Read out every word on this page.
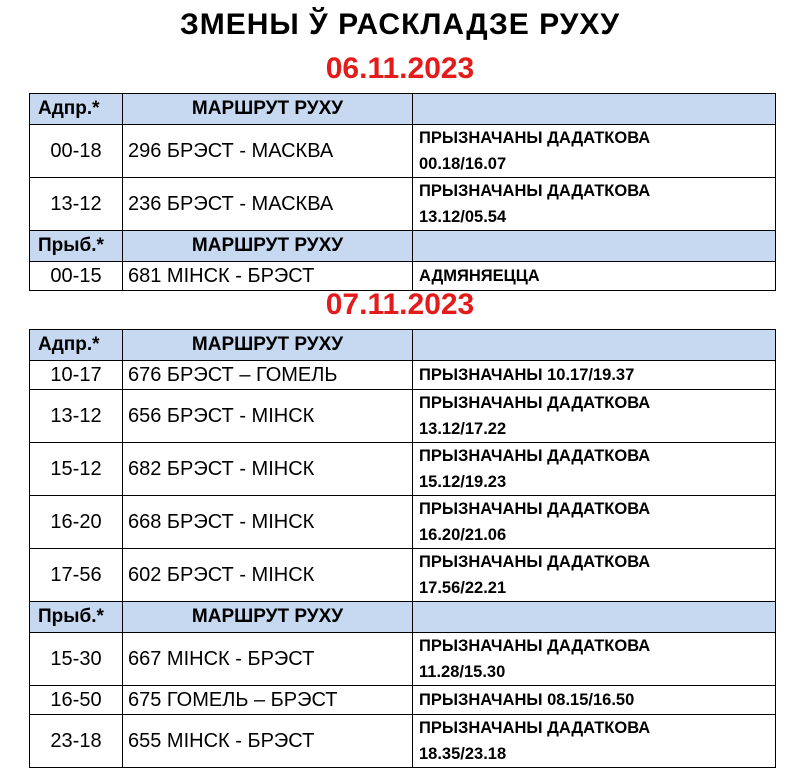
ЗМЕНЫ Ў РАСКЛАДЗЕ РУХУ
06.11.2023
Адпр.*	МАРШРУТ РУХУ	
00-18	296 БРЭСТ - МАСКВА	ПРЫЗНАЧАНЫ ДАДАТКОВА
00.18/16.07
13-12	236 БРЭСТ - МАСКВА	ПРЫЗНАЧАНЫ ДАДАТКОВА
13.12/05.54
Прыб.*	МАРШРУТ РУХУ	
00-15	681 МІНСК - БРЭСТ	АДМЯНЯЕЦЦА
07.11.2023
Адпр.*	МАРШРУТ РУХУ	
10-17	676 БРЭСТ – ГОМЕЛЬ	ПРЫЗНАЧАНЫ 10.17/19.37
13-12	656 БРЭСТ - МІНСК	ПРЫЗНАЧАНЫ ДАДАТКОВА
13.12/17.22
15-12	682 БРЭСТ - МІНСК	ПРЫЗНАЧАНЫ ДАДАТКОВА
15.12/19.23
16-20	668 БРЭСТ - МІНСК	ПРЫЗНАЧАНЫ ДАДАТКОВА
16.20/21.06
17-56	602 БРЭСТ - МІНСК	ПРЫЗНАЧАНЫ ДАДАТКОВА
17.56/22.21
Прыб.*	МАРШРУТ РУХУ	
15-30	667 МІНСК - БРЭСТ	ПРЫЗНАЧАНЫ ДАДАТКОВА
11.28/15.30
16-50	675 ГОМЕЛЬ – БРЭСТ	ПРЫЗНАЧАНЫ 08.15/16.50
23-18	655 МІНСК - БРЭСТ	ПРЫЗНАЧАНЫ ДАДАТКОВА
18.35/23.18
